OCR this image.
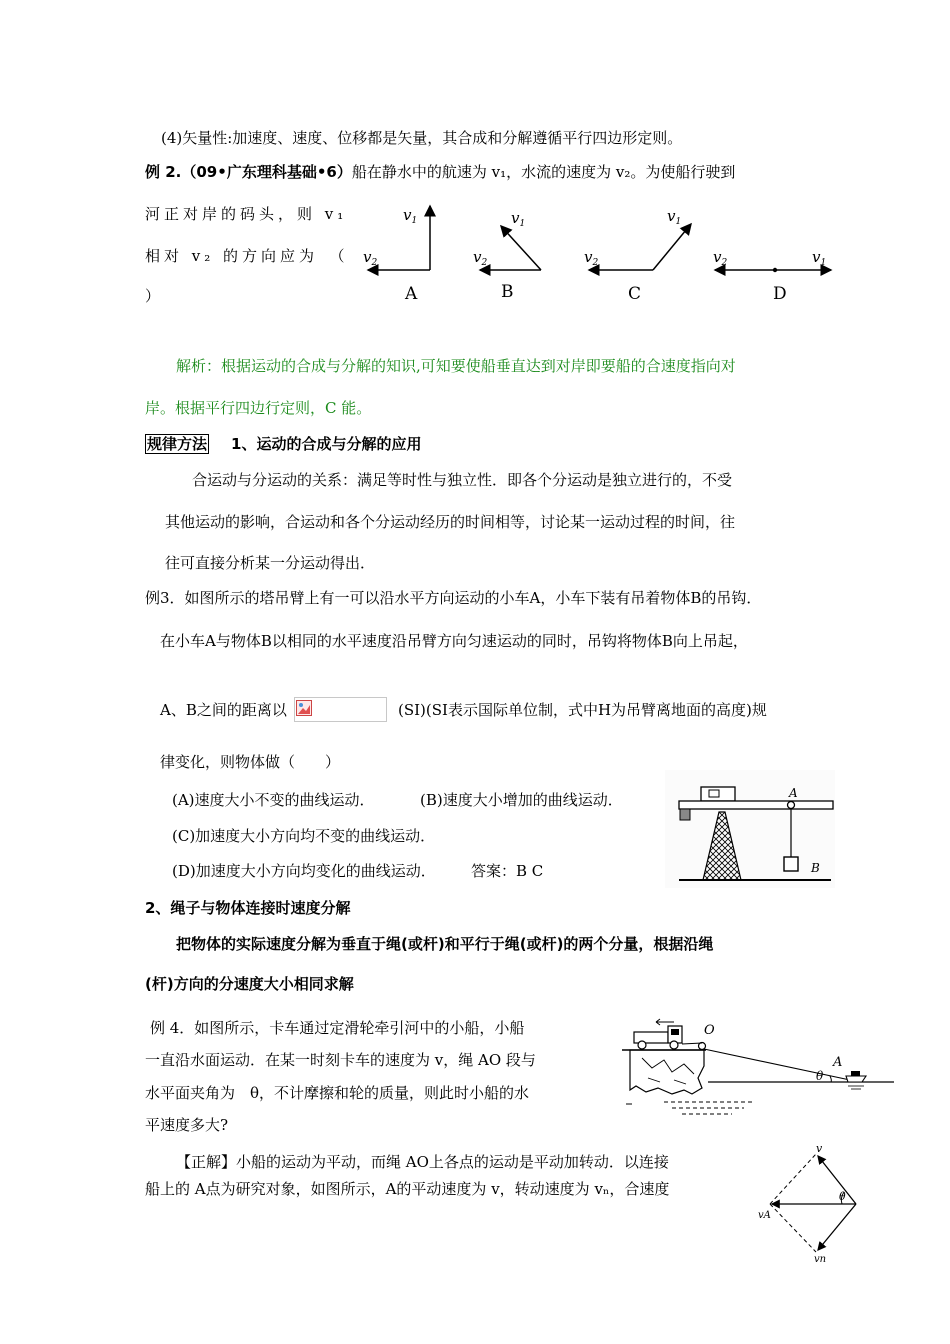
(4)矢量性:加速度、速度、位移都是矢量，其合成和分解遵循平行四边形定则。
例 2.（09•广东理科基础•6）船在静水中的航速为 v₁，水流的速度为 v₂。为使船行驶到
河正对岸的码头，则 v₁
相对 v₂ 的方向应为　（
）
$v_1$
$v_2$
A
$v_1$
$v_2$
B
$v_1$
$v_2$
C
$v_2$	$v_1$
D
解析：根据运动的合成与分解的知识,可知要使船垂直达到对岸即要船的合速度指向对
岸。根据平行四边行定则，C 能。
规律方法 1、运动的合成与分解的应用
合运动与分运动的关系：满足等时性与独立性．即各个分运动是独立进行的，不受
其他运动的影响，合运动和各个分运动经历的时间相等，讨论某一运动过程的时间，往
往可直接分析某一分运动得出．
例3．如图所示的塔吊臂上有一可以沿水平方向运动的小车A，小车下装有吊着物体B的吊钩．
在小车A与物体B以相同的水平速度沿吊臂方向匀速运动的同时，吊钩将物体B向上吊起，
A、B之间的距离以	(SI)(SI表示国际单位制，式中H为吊臂离地面的高度)规
律变化，则物体做（　　）
(A)速度大小不变的曲线运动．	(B)速度大小增加的曲线运动．
(C)加速度大小方向均不变的曲线运动．
(D)加速度大小方向均变化的曲线运动． 答案：B C
A
B
2、绳子与物体连接时速度分解
把物体的实际速度分解为垂直于绳(或杆)和平行于绳(或杆)的两个分量，根据沿绳
(杆)方向的分速度大小相同求解
例 4．如图所示，卡车通过定滑轮牵引河中的小船，小船
一直沿水面运动．在某一时刻卡车的速度为 v，绳 AO 段与
水平面夹角为　θ，不计摩擦和轮的质量，则此时小船的水
平速度多大?
O
θ
A
【正解】小船的运动为平动，而绳 AO上各点的运动是平动加转动．以连接
船上的 A点为研究对象，如图所示，A的平动速度为 v，转动速度为 vₙ，合速度	θ
v
vA
vn
